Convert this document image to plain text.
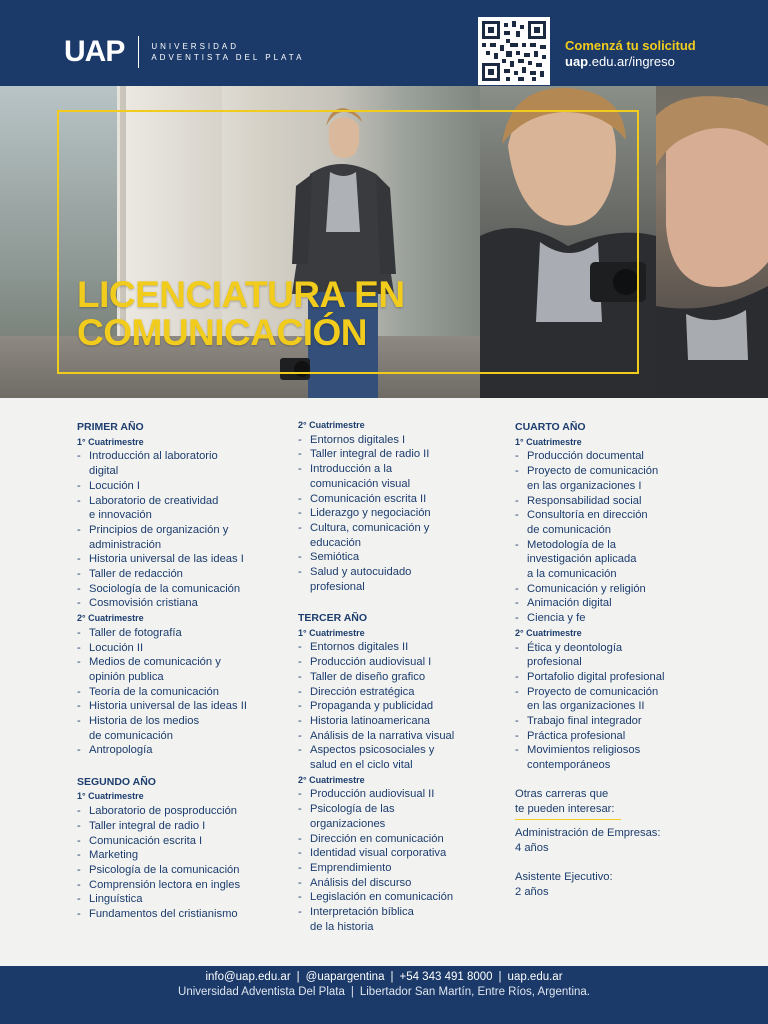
UAP	UNIVERSIDAD
ADVENTISTA DEL PLATA
Comenzá tu solicitud
uap.edu.ar/ingreso
LICENCIATURA EN
COMUNICACIÓN
PRIMER AÑO
1° Cuatrimestre
- Introducción al laboratorio
digital
- Locución I
- Laboratorio de creatividad
e innovación
- Principios de organización y
administración
- Historia universal de las ideas I
- Taller de redacción
- Sociología de la comunicación
- Cosmovisión cristiana
2° Cuatrimestre
- Taller de fotografía
- Locución II
- Medios de comunicación y
opinión publica
- Teoría de la comunicación
- Historia universal de las ideas II
- Historia de los medios
de comunicación
- Antropología
SEGUNDO AÑO
1° Cuatrimestre
- Laboratorio de posproducción
- Taller integral de radio I
- Comunicación escrita I
- Marketing
- Psicología de la comunicación
- Comprensión lectora en ingles
- Linguística
- Fundamentos del cristianismo
2° Cuatrimestre
- Entornos digitales I
- Taller integral de radio II
- Introducción a la
comunicación visual
- Comunicación escrita II
- Liderazgo y negociación
- Cultura, comunicación y
educación
- Semiótica
- Salud y autocuidado
profesional
TERCER AÑO
1° Cuatrimestre
- Entornos digitales II
- Producción audiovisual I
- Taller de diseño grafico
- Dirección estratégica
- Propaganda y publicidad
- Historia latinoamericana
- Análisis de la narrativa visual
- Aspectos psicosociales y
salud en el ciclo vital
2° Cuatrimestre
- Producción audiovisual II
- Psicología de las
organizaciones
- Dirección en comunicación
- Identidad visual corporativa
- Emprendimiento
- Análisis del discurso
- Legislación en comunicación
- Interpretación bíblica
de la historia
CUARTO AÑO
1° Cuatrimestre
- Producción documental
- Proyecto de comunicación
en las organizaciones I
- Responsabilidad social
- Consultoría en dirección
de comunicación
- Metodología de la
investigación aplicada
a la comunicación
- Comunicación y religión
- Animación digital
- Ciencia y fe
2° Cuatrimestre
- Ética y deontología
profesional
- Portafolio digital profesional
- Proyecto de comunicación
en las organizaciones II
- Trabajo final integrador
- Práctica profesional
- Movimientos religiosos
contemporáneos
Otras carreras que
te pueden interesar:
Administración de Empresas:
4 años
Asistente Ejecutivo:
2 años
info@uap.edu.ar | @uapargentina | +54 343 491 8000 | uap.edu.ar
Universidad Adventista Del Plata | Libertador San Martín, Entre Ríos, Argentina.
